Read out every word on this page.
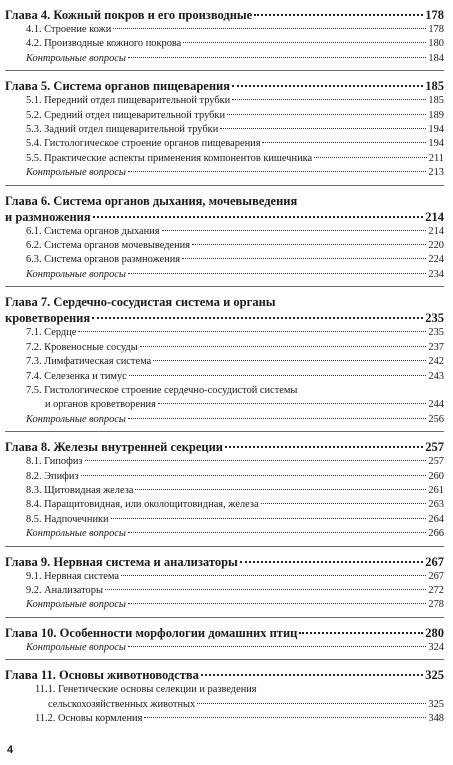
Глава 4. Кожный покров и его производные	178
4.1. Строение кожи	178
4.2. Производные кожного покрова	180
Контрольные вопросы	184
Глава 5. Система органов пищеварения	185
5.1. Передний отдел пищеварительной трубки	185
5.2. Средний отдел пищеварительной трубки	189
5.3. Задний отдел пищеварительной трубки	194
5.4. Гистологическое строение органов пищеварения	194
5.5. Практические аспекты применения компонентов кишечника	211
Контрольные вопросы	213
Глава 6. Система органов дыхания, мочевыведения
и размножения	214
6.1. Система органов дыхания	214
6.2. Система органов мочевыведения	220
6.3. Система органов размножения	224
Контрольные вопросы	234
Глава 7. Сердечно-сосудистая система и органы
кроветворения	235
7.1. Сердце	235
7.2. Кровеносные сосуды	237
7.3. Лимфатическая система	242
7.4. Селезенка и тимус	243
7.5. Гистологическое строение сердечно-сосудистой системы
и органов кроветворения	244
Контрольные вопросы	256
Глава 8. Железы внутренней секреции	257
8.1. Гипофиз	257
8.2. Эпифиз	260
8.3. Щитовидная железа	261
8.4. Паращитовидная, или околощитовидная, железа	263
8.5. Надпочечники	264
Контрольные вопросы	266
Глава 9. Нервная система и анализаторы	267
9.1. Нервная система	267
9.2. Анализаторы	272
Контрольные вопросы	278
Глава 10. Особенности морфологии домашних птиц	280
Контрольные вопросы	324
Глава 11. Основы животноводства	325
11.1. Генетические основы селекции и разведения
сельскохозяйственных животных	325
11.2. Основы кормления	348
4
